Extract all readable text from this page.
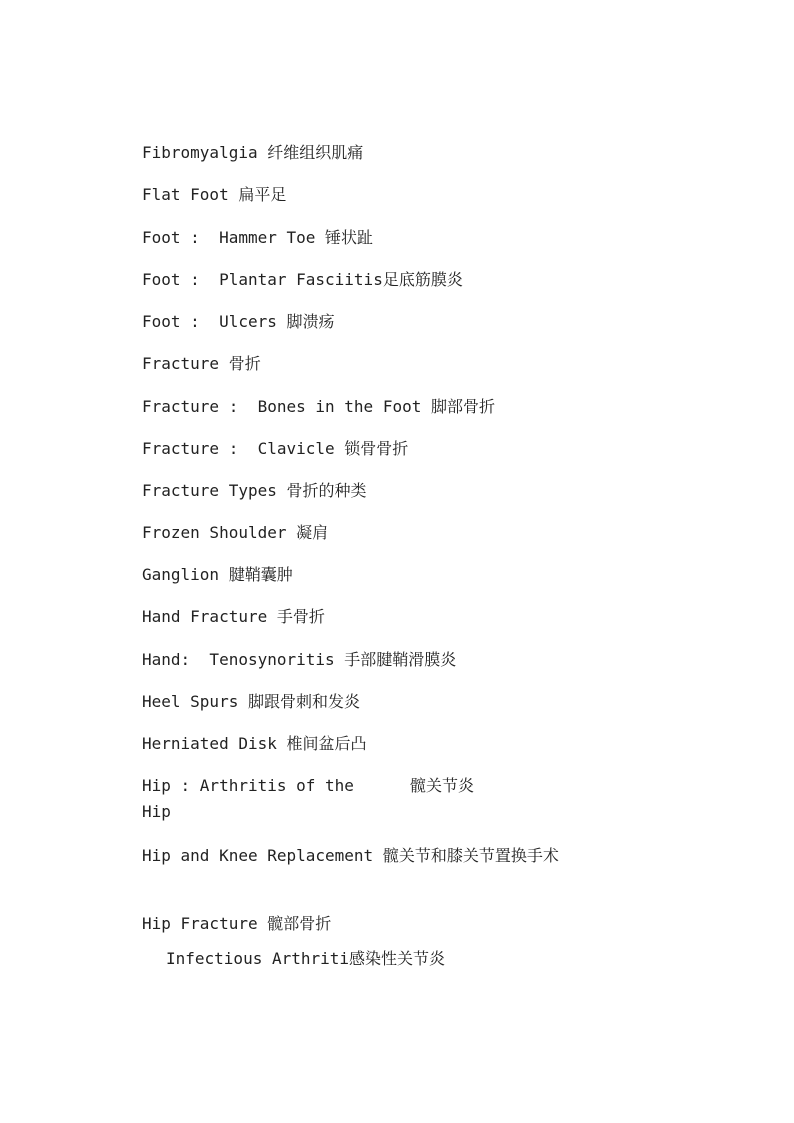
Fibromyalgia 纤维组织肌痛
Flat Foot 扁平足
Foot :  Hammer Toe 锤状趾
Foot :  Plantar Fasciitis足底筋膜炎
Foot :  Ulcers 脚溃疡
Fracture 骨折
Fracture :  Bones in the Foot 脚部骨折
Fracture :  Clavicle 锁骨骨折
Fracture Types 骨折的种类
Frozen Shoulder 凝肩
Ganglion 腱鞘囊肿
Hand Fracture 手骨折
Hand:  Tenosynoritis 手部腱鞘滑膜炎
Heel Spurs 脚跟骨刺和发炎
Herniated Disk 椎间盆后凸
Hip : Arthritis of the Hip
髋关节炎
Hip and Knee Replacement 髋关节和膝关节置换手术
Hip Fracture 髋部骨折
Infectious Arthriti感染性关节炎
